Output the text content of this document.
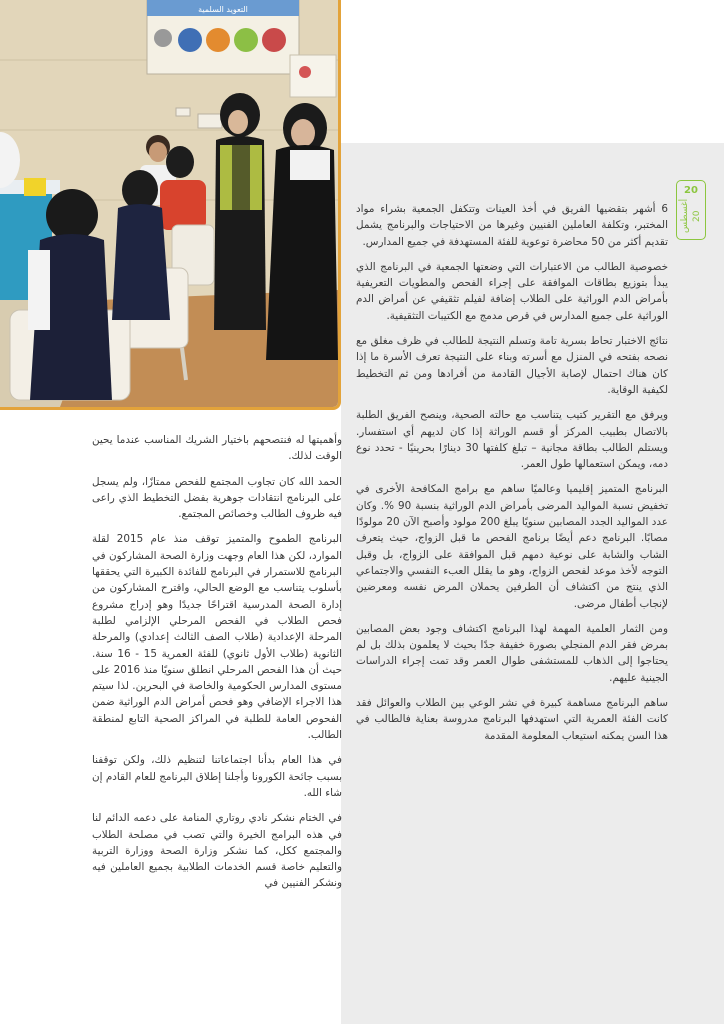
التعويد السلمية
20
أغسطس 20

6 أشهر بتقضيها الفريق في أخذ العينات وتتكفل الجمعية بشراء مواد المختبر، وتكلفة العاملين الفنيين وغيرها من الاحتياجات والبرنامج يشمل تقديم أكثر من 50 محاضرة توعوية للفئة المستهدفة في جميع المدارس.

خصوصية الطالب من الاعتبارات التي وضعتها الجمعية في البرنامج الذي يبدأ بتوزيع بطاقات الموافقة على إجراء الفحص والمطويات التعريفية بأمراض الدم الوراثية على الطلاب إضافة لفيلم تثقيفي عن أمراض الدم الوراثية على جميع المدارس في قرص مدمج مع الكتيبات التثقيفية.

نتائج الاختبار تحاط بسرية تامة وتسلم النتيجة للطالب في ظرف مغلق مع نصحه بفتحه في المنزل مع أسرته وبناء على النتيجة تعرف الأسرة ما إذا كان هناك احتمال لإصابة الأجيال القادمة من أفرادها ومن ثم التخطيط لكيفية الوقاية.

ويرفق مع التقرير كتيب يتناسب مع حالته الصحية، وينصح الفريق الطلبة بالاتصال بطبيب المركز أو قسم الوراثة إذا كان لديهم أي استفسار. ويستلم الطالب بطاقة مجانية – تبلغ كلفتها 30 دينارًا بحرينيًا - تحدد نوع دمه، ويمكن استعمالها طول العمر.

البرنامج المتميز إقليميا وعالميًا ساهم مع برامج المكافحة الأخرى في تخفيض نسبة المواليد المرضى بأمراض الدم الوراثية بنسبة 90 %. وكان عدد المواليد الجدد المصابين سنويًا يبلغ 200 مولود وأصبح الآن 20 مولودًا مصابًا. البرنامج دعم أيضًا برنامج الفحص ما قبل الزواج، حيث يتعرف الشاب والشابة على نوعية دمهم قبل الموافقة على الزواج، بل وقبل التوجه لأخذ موعد لفحص الزواج، وهو ما يقلل العبء النفسي والاجتماعي الذي ينتج من اكتشاف أن الطرفين يحملان المرض نفسه ومعرضين لإنجاب أطفال مرضى.

ومن الثمار العلمية المهمة لهذا البرنامج اكتشاف وجود بعض المصابين بمرض فقر الدم المنجلي بصورة خفيفة جدًا بحيث لا يعلمون بذلك بل لم يحتاجوا إلى الذهاب للمستشفى طوال العمر وقد تمت إجراء الدراسات الجينية عليهم.

ساهم البرنامج مساهمة كبيرة في نشر الوعي بين الطلاب والعوائل فقد كانت الفئة العمرية التي استهدفها البرنامج مدروسة بعناية فالطالب في هذا السن يمكنه استيعاب المعلومة المقدمة

وأهميتها له فنتصحهم باختيار الشريك المناسب عندما يحين الوقت لذلك.

الحمد الله كان تجاوب المجتمع للفحص ممتازًا، ولم يسجل على البرنامج انتقادات جوهرية بفضل التخطيط الذي راعى فيه ظروف الطالب وخصائص المجتمع.

البرنامج الطموح والمتميز توقف منذ عام 2015 لقلة الموارد، لكن هذا العام وجهت وزارة الصحة المشاركون في البرنامج للاستمرار في البرنامج للفائدة الكبيرة التي يحققها بأسلوب يتناسب مع الوضع الحالي، واقترح المشاركون من إدارة الصحة المدرسية اقتراحًا جديدًا وهو إدراج مشروع فحص الطلاب في الفحص المرحلي الإلزامي لطلبة المرحلة الإعدادية (طلاب الصف الثالث إعدادي) والمرحلة الثانوية (طلاب الأول ثانوي) للفئة العمرية 15 - 16 سنة. حيث أن هذا الفحص المرحلي انطلق سنويًا منذ 2016 على مستوى المدارس الحكومية والخاصة في البحرين. لذا سيتم هذا الاجراء الإضافي وهو فحص أمراض الدم الوراثية ضمن الفحوص العامة للطلبة في المراكز الصحية التابع لمنطقة الطالب.

في هذا العام بدأنا اجتماعاتنا لتنظيم ذلك، ولكن توقفنا بسبب جائحة الكورونا وأجلنا إطلاق البرنامج للعام القادم إن شاء الله.

في الختام نشكر نادي روتاري المنامة على دعمه الدائم لنا في هذه البرامج الخيرة والتي تصب في مصلحة الطلاب والمجتمع ككل، كما نشكر وزارة الصحة ووزارة التربية والتعليم خاصة قسم الخدمات الطلابية بجميع العاملين فيه ونشكر الفنيين في
